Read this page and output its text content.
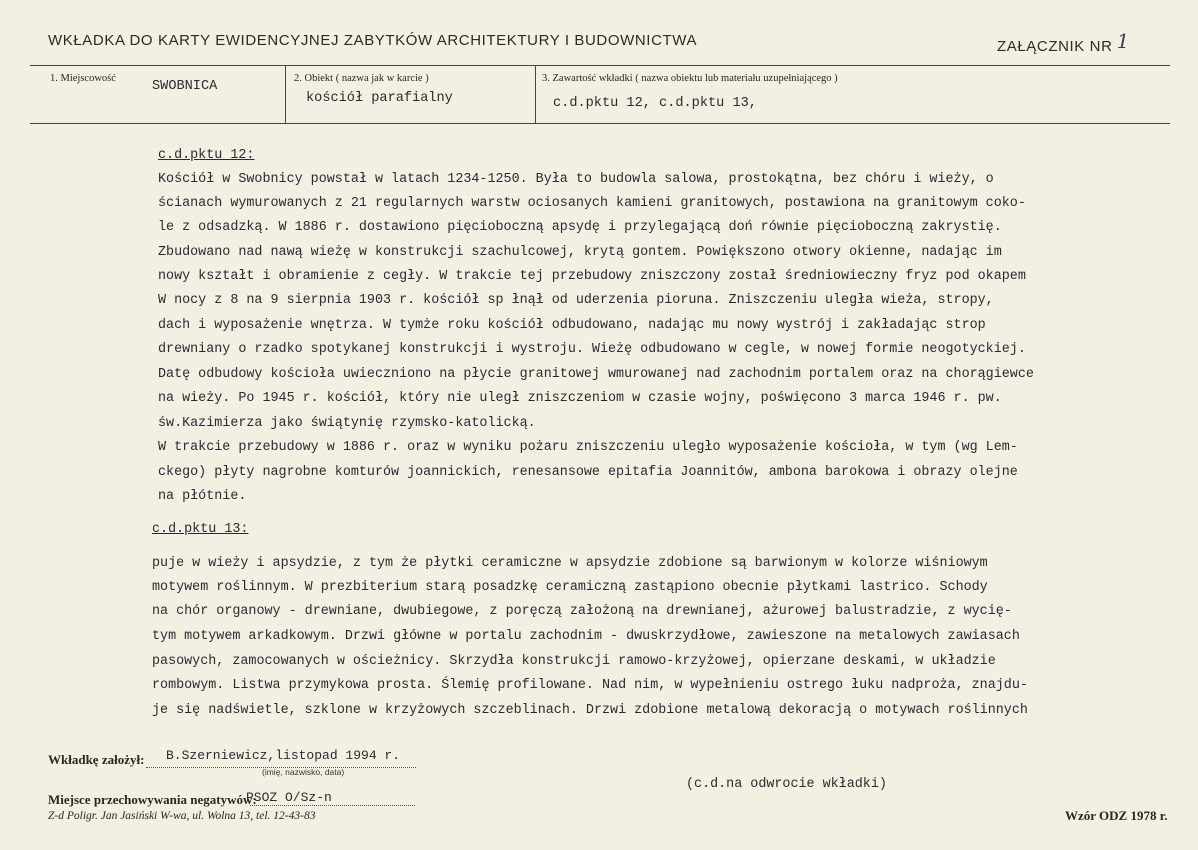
WKŁADKA DO KARTY EWIDENCYJNEJ ZABYTKÓW ARCHITEKTURY I BUDOWNICTWA	ZAŁĄCZNIK NR 1
1. Miejscowość
SWOBNICA
2. Obiekt ( nazwa jak w karcie )
kościół parafialny
3. Zawartość wkładki ( nazwa obiektu lub materiału uzupełniającego )
c.d.pktu 12, c.d.pktu 13,
c.d.pktu 12:
Kościół w Swobnicy powstał w latach 1234-1250. Była to budowla salowa, prostokątna, bez chóru i wieży, o
ścianach wymurowanych z 21 regularnych warstw ociosanych kamieni granitowych, postawiona na granitowym coko-
le z odsadzką. W 1886 r. dostawiono pięcioboczną apsydę i przylegającą doń równie pięcioboczną zakrystię.
Zbudowano nad nawą wieżę w konstrukcji szachulcowej, krytą gontem. Powiększono otwory okienne, nadając im
nowy kształt i obramienie z cegły. W trakcie tej przebudowy zniszczony został średniowieczny fryz pod okapem
W nocy z 8 na 9 sierpnia 1903 r. kościół sp łnął od uderzenia pioruna. Zniszczeniu uległa wieża, stropy,
dach i wyposażenie wnętrza. W tymże roku kościół odbudowano, nadając mu nowy wystrój i zakładając strop
drewniany o rzadko spotykanej konstrukcji i wystroju. Wieżę odbudowano w cegle, w nowej formie neogotyckiej.
Datę odbudowy kościoła uwieczniono na płycie granitowej wmurowanej nad zachodnim portalem oraz na chorągiewce
na wieży. Po 1945 r. kościół, który nie uległ zniszczeniom w czasie wojny, poświęcono 3 marca 1946 r. pw.
św.Kazimierza jako świątynię rzymsko-katolicką.
W trakcie przebudowy w 1886 r. oraz w wyniku pożaru zniszczeniu uległo wyposażenie kościoła, w tym (wg Lem-
ckego) płyty nagrobne komturów joannickich, renesansowe epitafia Joannitów, ambona barokowa i obrazy olejne
na płótnie.
c.d.pktu 13:
puje w wieży i apsydzie, z tym że płytki ceramiczne w apsydzie zdobione są barwionym w kolorze wiśniowym
motywem roślinnym. W prezbiterium starą posadzkę ceramiczną zastąpiono obecnie płytkami lastrico. Schody
na chór organowy - drewniane, dwubiegowe, z poręczą założoną na drewnianej, ażurowej balustradzie, z wycię-
tym motywem arkadkowym. Drzwi główne w portalu zachodnim - dwuskrzydłowe, zawieszone na metalowych zawiasach
pasowych, zamocowanych w ościeżnicy. Skrzydła konstrukcji ramowo-krzyżowej, opierzane deskami, w układzie
rombowym. Listwa przymykowa prosta. Ślemię profilowane. Nad nim, w wypełnieniu ostrego łuku nadproża, znajdu-
je się nadświetle, szklone w krzyżowych szczeblinach. Drzwi zdobione metalową dekoracją o motywach roślinnych
Wkładkę założył: B.Szerniewicz,listopad 1994 r.
(imię, nazwisko, data)
(c.d.na odwrocie wkładki)
Miejsce przechowywania negatywów:
PSOZ O/Sz-n
Z-d Poligr. Jan Jasiński W-wa, ul. Wolna 13, tel. 12-43-83	Wzór ODZ 1978 r.
